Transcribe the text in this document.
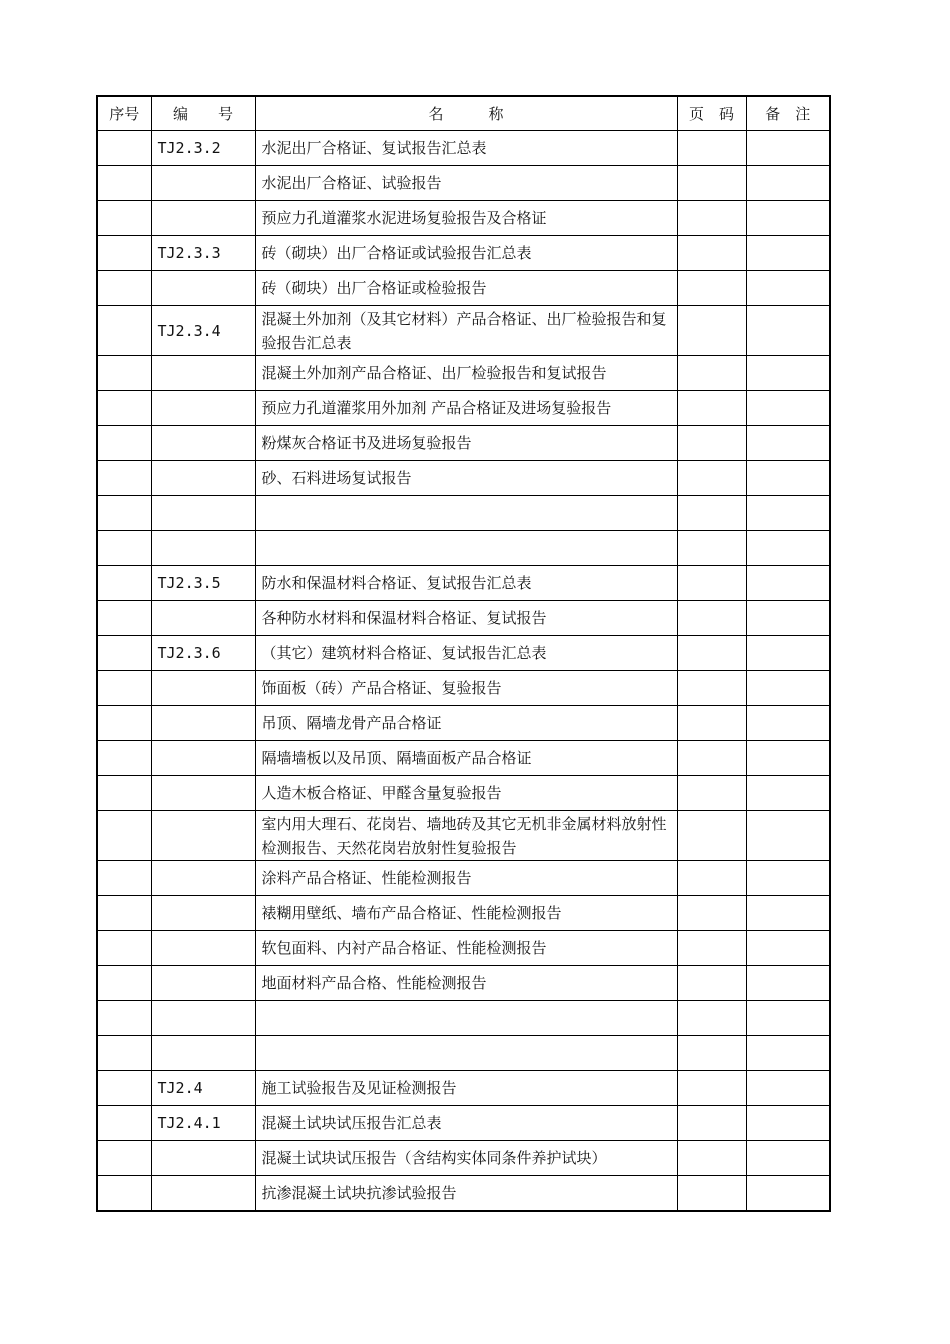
序号	编　　号	名　　　称	页　码	备　注
	TJ2.3.2	水泥出厂合格证、复试报告汇总表		
		水泥出厂合格证、试验报告		
		预应力孔道灌浆水泥进场复验报告及合格证		
	TJ2.3.3	砖（砌块）出厂合格证或试验报告汇总表		
		砖（砌块）出厂合格证或检验报告		
	TJ2.3.4	混凝土外加剂（及其它材料）产品合格证、出厂检验报告和复验报告汇总表		
		混凝土外加剂产品合格证、出厂检验报告和复试报告		
		预应力孔道灌浆用外加剂 产品合格证及进场复验报告		
		粉煤灰合格证书及进场复验报告		
		砂、石料进场复试报告		

	TJ2.3.5	防水和保温材料合格证、复试报告汇总表		
		各种防水材料和保温材料合格证、复试报告		
	TJ2.3.6	（其它）建筑材料合格证、复试报告汇总表		
		饰面板（砖）产品合格证、复验报告		
		吊顶、隔墙龙骨产品合格证		
		隔墙墙板以及吊顶、隔墙面板产品合格证		
		人造木板合格证、甲醛含量复验报告		
		室内用大理石、花岗岩、墙地砖及其它无机非金属材料放射性检测报告、天然花岗岩放射性复验报告		
		涂料产品合格证、性能检测报告		
		裱糊用壁纸、墙布产品合格证、性能检测报告		
		软包面料、内衬产品合格证、性能检测报告		
		地面材料产品合格、性能检测报告		

	TJ2.4	施工试验报告及见证检测报告		
	TJ2.4.1	混凝土试块试压报告汇总表		
		混凝土试块试压报告（含结构实体同条件养护试块）		
		抗渗混凝土试块抗渗试验报告		
